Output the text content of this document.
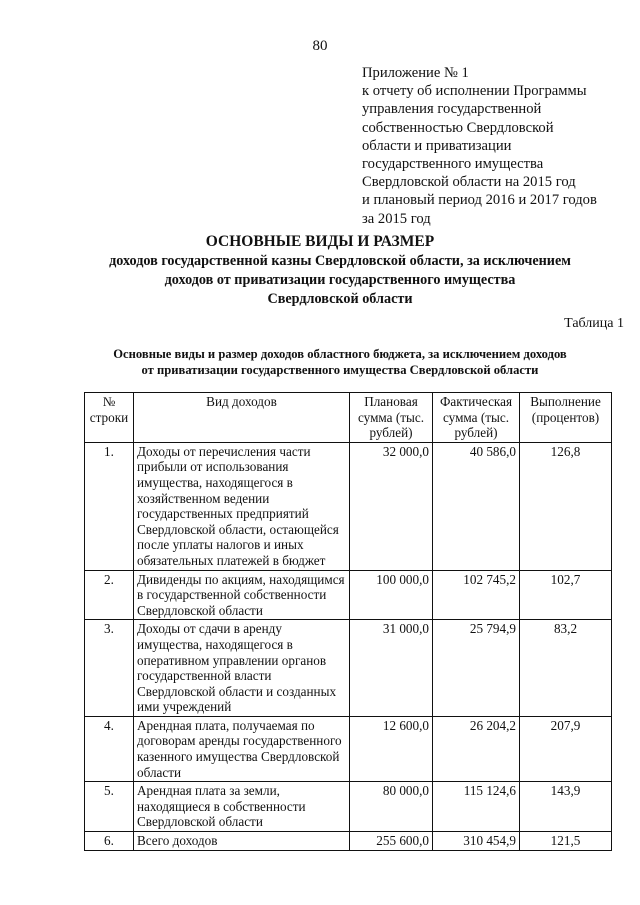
80
Приложение № 1
к отчету об исполнении Программы
управления государственной
собственностью Свердловской
области и приватизации
государственного имущества
Свердловской области на 2015 год
и плановый период 2016 и 2017 годов
за 2015 год
ОСНОВНЫЕ ВИДЫ И РАЗМЕР
доходов государственной казны Свердловской области, за исключением
доходов от приватизации государственного имущества
Свердловской области
Таблица 1
Основные виды и размер доходов областного бюджета, за исключением доходов
от приватизации государственного имущества Свердловской области
№ строки	Вид доходов	Плановая сумма (тыс. рублей)	Фактическая сумма (тыс. рублей)	Выполнение (процентов)
1.	Доходы от перечисления части прибыли от использования имущества, находящегося в хозяйственном ведении государственных предприятий Свердловской области, остающейся после уплаты налогов и иных обязательных платежей в бюджет	32 000,0	40 586,0	126,8
2.	Дивиденды по акциям, находящимся в государственной собственности Свердловской области	100 000,0	102 745,2	102,7
3.	Доходы от сдачи в аренду имущества, находящегося в оперативном управлении органов государственной власти Свердловской области и созданных ими учреждений	31 000,0	25 794,9	83,2
4.	Арендная плата, получаемая по договорам аренды государственного казенного имущества Свердловской области	12 600,0	26 204,2	207,9
5.	Арендная плата за земли, находящиеся в собственности Свердловской области	80 000,0	115 124,6	143,9
6.	Всего доходов	255 600,0	310 454,9	121,5
